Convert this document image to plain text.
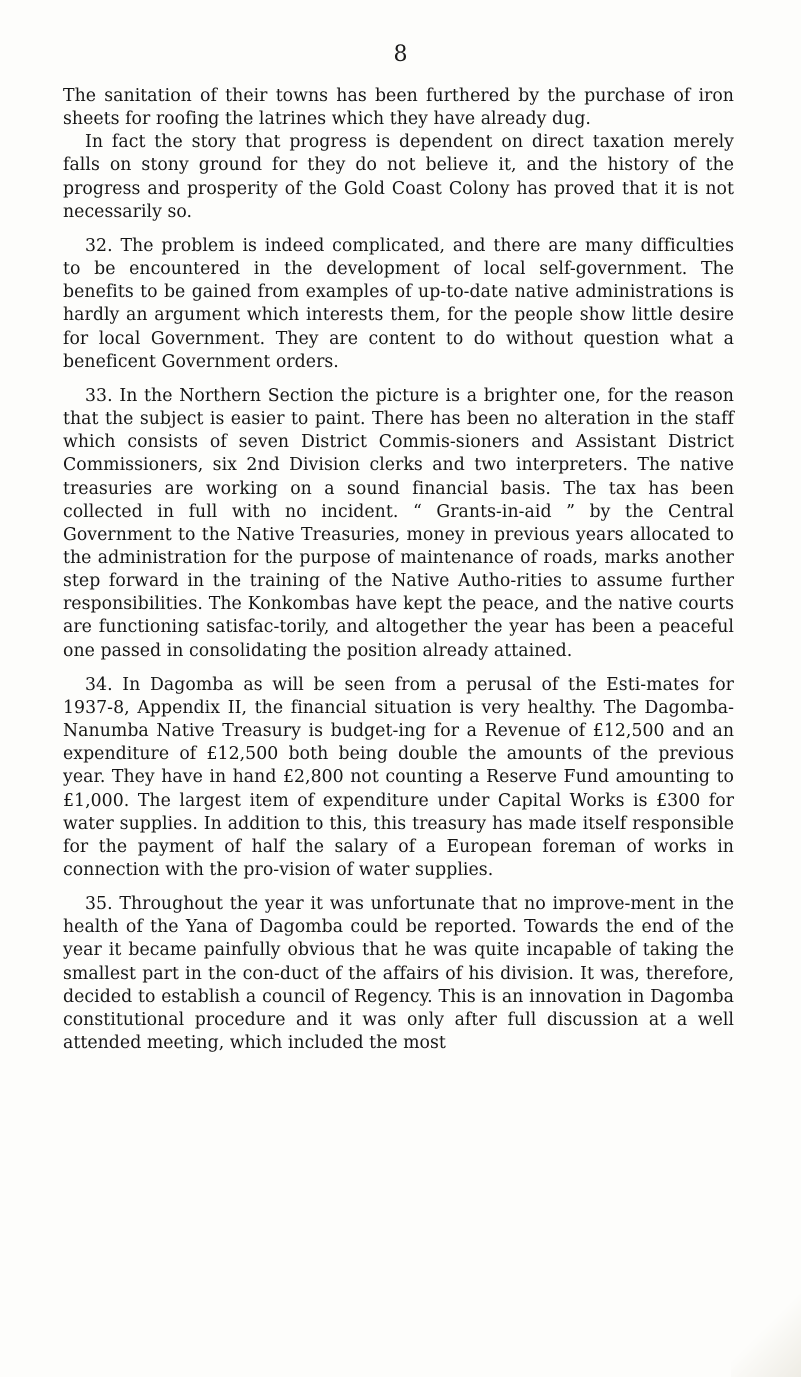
8

The sanitation of their towns has been furthered by the purchase of iron sheets for roofing the latrines which they have already dug.

In fact the story that progress is dependent on direct taxation merely falls on stony ground for they do not believe it, and the history of the progress and prosperity of the Gold Coast Colony has proved that it is not necessarily so.

32. The problem is indeed complicated, and there are many difficulties to be encountered in the development of local self-government. The benefits to be gained from examples of up-to-date native administrations is hardly an argument which interests them, for the people show little desire for local Government. They are content to do without question what a beneficent Government orders.

33. In the Northern Section the picture is a brighter one, for the reason that the subject is easier to paint. There has been no alteration in the staff which consists of seven District Commis-sioners and Assistant District Commissioners, six 2nd Division clerks and two interpreters. The native treasuries are working on a sound financial basis. The tax has been collected in full with no incident. “ Grants-in-aid ” by the Central Government to the Native Treasuries, money in previous years allocated to the administration for the purpose of maintenance of roads, marks another step forward in the training of the Native Autho-rities to assume further responsibilities. The Konkombas have kept the peace, and the native courts are functioning satisfac-torily, and altogether the year has been a peaceful one passed in consolidating the position already attained.

34. In Dagomba as will be seen from a perusal of the Esti-mates for 1937-8, Appendix II, the financial situation is very healthy. The Dagomba-Nanumba Native Treasury is budget-ing for a Revenue of £12,500 and an expenditure of £12,500 both being double the amounts of the previous year. They have in hand £2,800 not counting a Reserve Fund amounting to £1,000. The largest item of expenditure under Capital Works is £300 for water supplies. In addition to this, this treasury has made itself responsible for the payment of half the salary of a European foreman of works in connection with the pro-vision of water supplies.

35. Throughout the year it was unfortunate that no improve-ment in the health of the Yana of Dagomba could be reported. Towards the end of the year it became painfully obvious that he was quite incapable of taking the smallest part in the con-duct of the affairs of his division. It was, therefore, decided to establish a council of Regency. This is an innovation in Dagomba constitutional procedure and it was only after full discussion at a well attended meeting, which included the most
